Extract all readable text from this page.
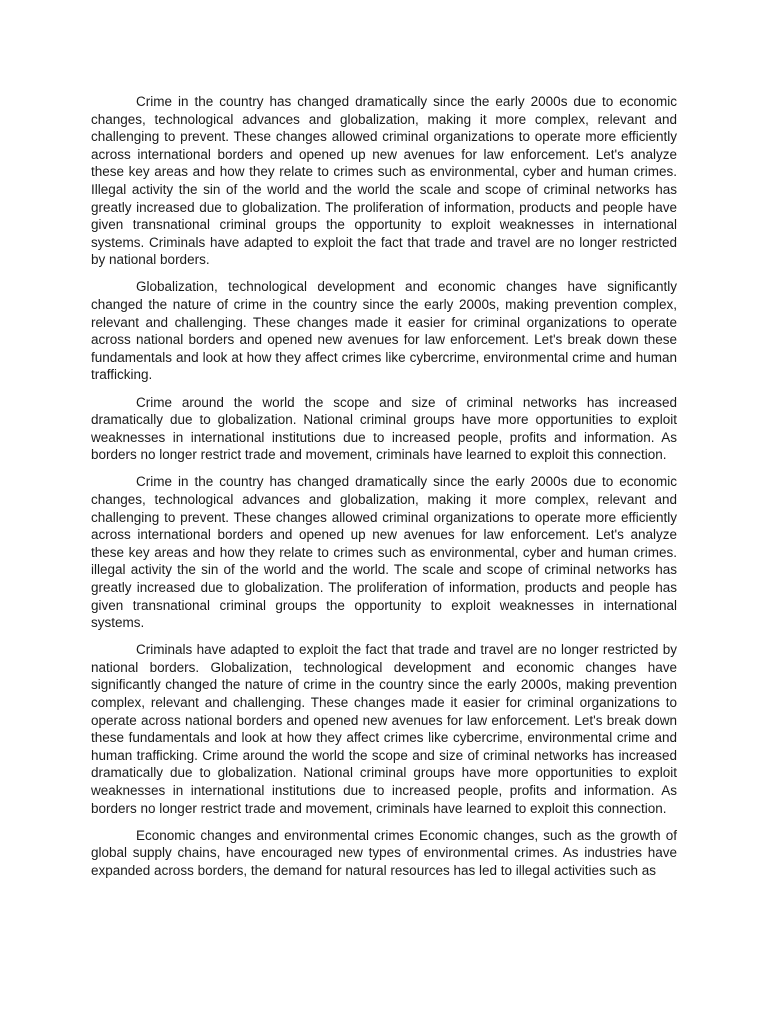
Crime in the country has changed dramatically since the early 2000s due to economic changes, technological advances and globalization, making it more complex, relevant and challenging to prevent. These changes allowed criminal organizations to operate more efficiently across international borders and opened up new avenues for law enforcement. Let's analyze these key areas and how they relate to crimes such as environmental, cyber and human crimes. Illegal activity the sin of the world and the world the scale and scope of criminal networks has greatly increased due to globalization. The proliferation of information, products and people have given transnational criminal groups the opportunity to exploit weaknesses in international systems. Criminals have adapted to exploit the fact that trade and travel are no longer restricted by national borders.

Globalization, technological development and economic changes have significantly changed the nature of crime in the country since the early 2000s, making prevention complex, relevant and challenging. These changes made it easier for criminal organizations to operate across national borders and opened new avenues for law enforcement. Let's break down these fundamentals and look at how they affect crimes like cybercrime, environmental crime and human trafficking.

Crime around the world the scope and size of criminal networks has increased dramatically due to globalization. National criminal groups have more opportunities to exploit weaknesses in international institutions due to increased people, profits and information. As borders no longer restrict trade and movement, criminals have learned to exploit this connection.

Crime in the country has changed dramatically since the early 2000s due to economic changes, technological advances and globalization, making it more complex, relevant and challenging to prevent. These changes allowed criminal organizations to operate more efficiently across international borders and opened up new avenues for law enforcement. Let's analyze these key areas and how they relate to crimes such as environmental, cyber and human crimes. illegal activity the sin of the world and the world. The scale and scope of criminal networks has greatly increased due to globalization. The proliferation of information, products and people has given transnational criminal groups the opportunity to exploit weaknesses in international systems.

Criminals have adapted to exploit the fact that trade and travel are no longer restricted by national borders. Globalization, technological development and economic changes have significantly changed the nature of crime in the country since the early 2000s, making prevention complex, relevant and challenging. These changes made it easier for criminal organizations to operate across national borders and opened new avenues for law enforcement. Let's break down these fundamentals and look at how they affect crimes like cybercrime, environmental crime and human trafficking. Crime around the world the scope and size of criminal networks has increased dramatically due to globalization. National criminal groups have more opportunities to exploit weaknesses in international institutions due to increased people, profits and information. As borders no longer restrict trade and movement, criminals have learned to exploit this connection.

Economic changes and environmental crimes Economic changes, such as the growth of global supply chains, have encouraged new types of environmental crimes. As industries have expanded across borders, the demand for natural resources has led to illegal activities such as
